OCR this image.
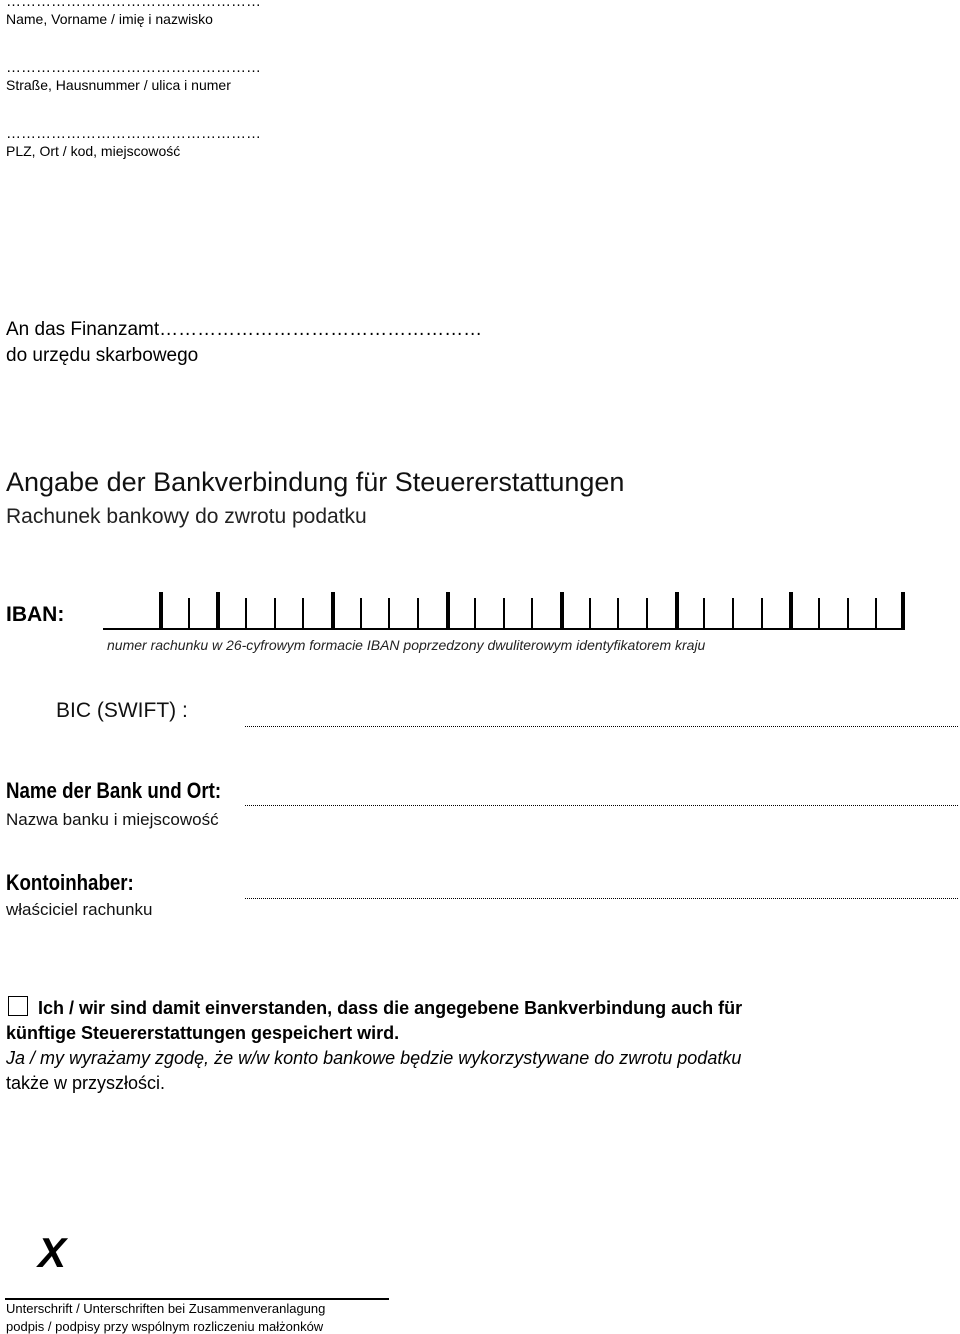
……………………………………………
Name, Vorname / imię i nazwisko
……………………………………………
Straße, Hausnummer / ulica i numer
……………………………………………
PLZ, Ort / kod, miejscowość
An das Finanzamt……………………………………………
do urzędu skarbowego
Angabe der Bankverbindung für Steuererstattungen
Rachunek bankowy do zwrotu podatku
IBAN:
numer rachunku w 26-cyfrowym formacie IBAN poprzedzony dwuliterowym identyfikatorem kraju
BIC (SWIFT) :
Name der Bank und Ort:
Nazwa banku i miejscowość
Kontoinhaber:
właściciel rachunku
Ich / wir sind damit einverstanden, dass die angegebene Bankverbindung auch für
künftige Steuererstattungen gespeichert wird.
Ja / my wyrażamy zgodę, że w/w konto bankowe będzie wykorzystywane do zwrotu podatku
także w przyszłości.
X
Unterschrift / Unterschriften bei Zusammenveranlagung
podpis / podpisy przy wspólnym rozliczeniu małżonków
